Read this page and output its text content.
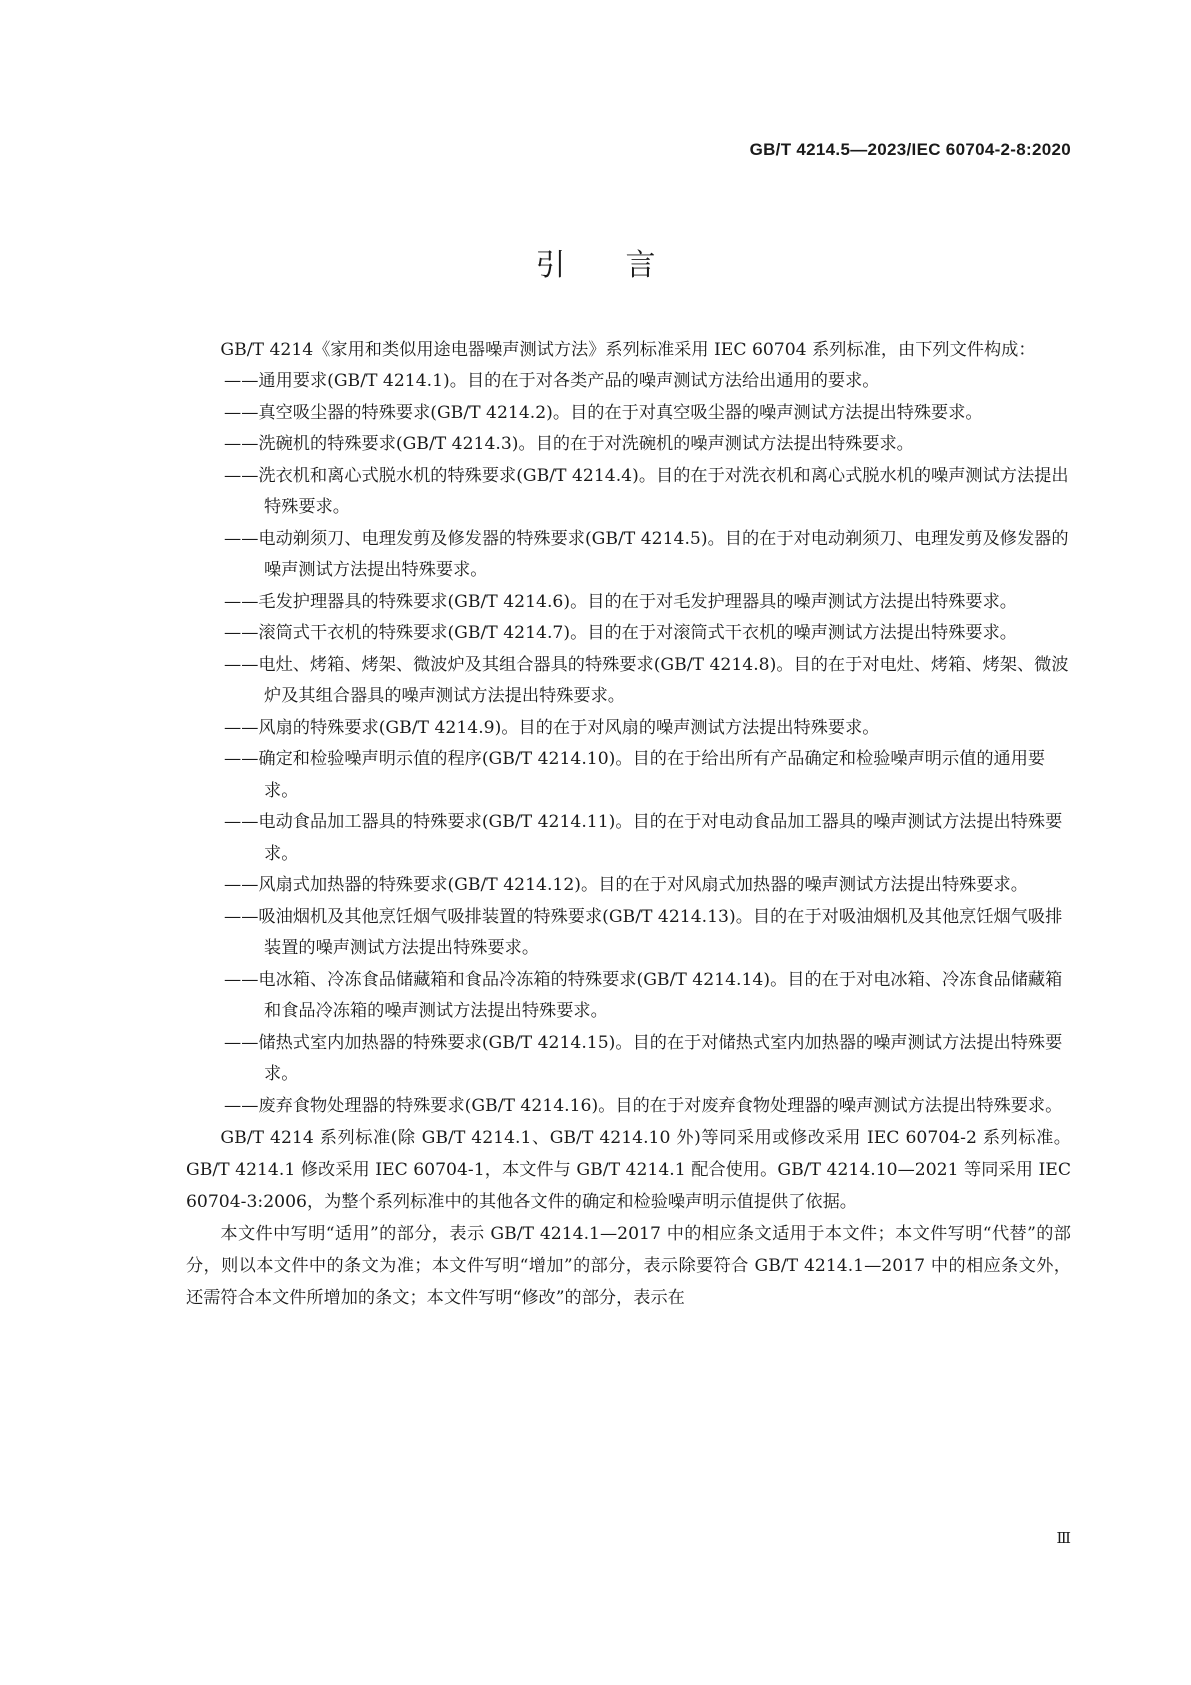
GB/T 4214.5—2023/IEC 60704-2-8:2020
引言

GB/T 4214《家用和类似用途电器噪声测试方法》系列标准采用 IEC 60704 系列标准，由下列文件构成：

——通用要求(GB/T 4214.1)。目的在于对各类产品的噪声测试方法给出通用的要求。
——真空吸尘器的特殊要求(GB/T 4214.2)。目的在于对真空吸尘器的噪声测试方法提出特殊要求。
——洗碗机的特殊要求(GB/T 4214.3)。目的在于对洗碗机的噪声测试方法提出特殊要求。
——洗衣机和离心式脱水机的特殊要求(GB/T 4214.4)。目的在于对洗衣机和离心式脱水机的噪声测试方法提出特殊要求。
——电动剃须刀、电理发剪及修发器的特殊要求(GB/T 4214.5)。目的在于对电动剃须刀、电理发剪及修发器的噪声测试方法提出特殊要求。
——毛发护理器具的特殊要求(GB/T 4214.6)。目的在于对毛发护理器具的噪声测试方法提出特殊要求。
——滚筒式干衣机的特殊要求(GB/T 4214.7)。目的在于对滚筒式干衣机的噪声测试方法提出特殊要求。
——电灶、烤箱、烤架、微波炉及其组合器具的特殊要求(GB/T 4214.8)。目的在于对电灶、烤箱、烤架、微波炉及其组合器具的噪声测试方法提出特殊要求。
——风扇的特殊要求(GB/T 4214.9)。目的在于对风扇的噪声测试方法提出特殊要求。
——确定和检验噪声明示值的程序(GB/T 4214.10)。目的在于给出所有产品确定和检验噪声明示值的通用要求。
——电动食品加工器具的特殊要求(GB/T 4214.11)。目的在于对电动食品加工器具的噪声测试方法提出特殊要求。
——风扇式加热器的特殊要求(GB/T 4214.12)。目的在于对风扇式加热器的噪声测试方法提出特殊要求。
——吸油烟机及其他烹饪烟气吸排装置的特殊要求(GB/T 4214.13)。目的在于对吸油烟机及其他烹饪烟气吸排装置的噪声测试方法提出特殊要求。
——电冰箱、冷冻食品储藏箱和食品冷冻箱的特殊要求(GB/T 4214.14)。目的在于对电冰箱、冷冻食品储藏箱和食品冷冻箱的噪声测试方法提出特殊要求。
——储热式室内加热器的特殊要求(GB/T 4214.15)。目的在于对储热式室内加热器的噪声测试方法提出特殊要求。
——废弃食物处理器的特殊要求(GB/T 4214.16)。目的在于对废弃食物处理器的噪声测试方法提出特殊要求。

GB/T 4214 系列标准(除 GB/T 4214.1、GB/T 4214.10 外)等同采用或修改采用 IEC 60704-2 系列标准。GB/T 4214.1 修改采用 IEC 60704-1，本文件与 GB/T 4214.1 配合使用。GB/T 4214.10—2021 等同采用 IEC 60704-3:2006，为整个系列标准中的其他各文件的确定和检验噪声明示值提供了依据。

本文件中写明“适用”的部分，表示 GB/T 4214.1—2017 中的相应条文适用于本文件；本文件写明“代替”的部分，则以本文件中的条文为准；本文件写明“增加”的部分，表示除要符合 GB/T 4214.1—2017 中的相应条文外，还需符合本文件所增加的条文；本文件写明“修改”的部分，表示在

Ⅲ
